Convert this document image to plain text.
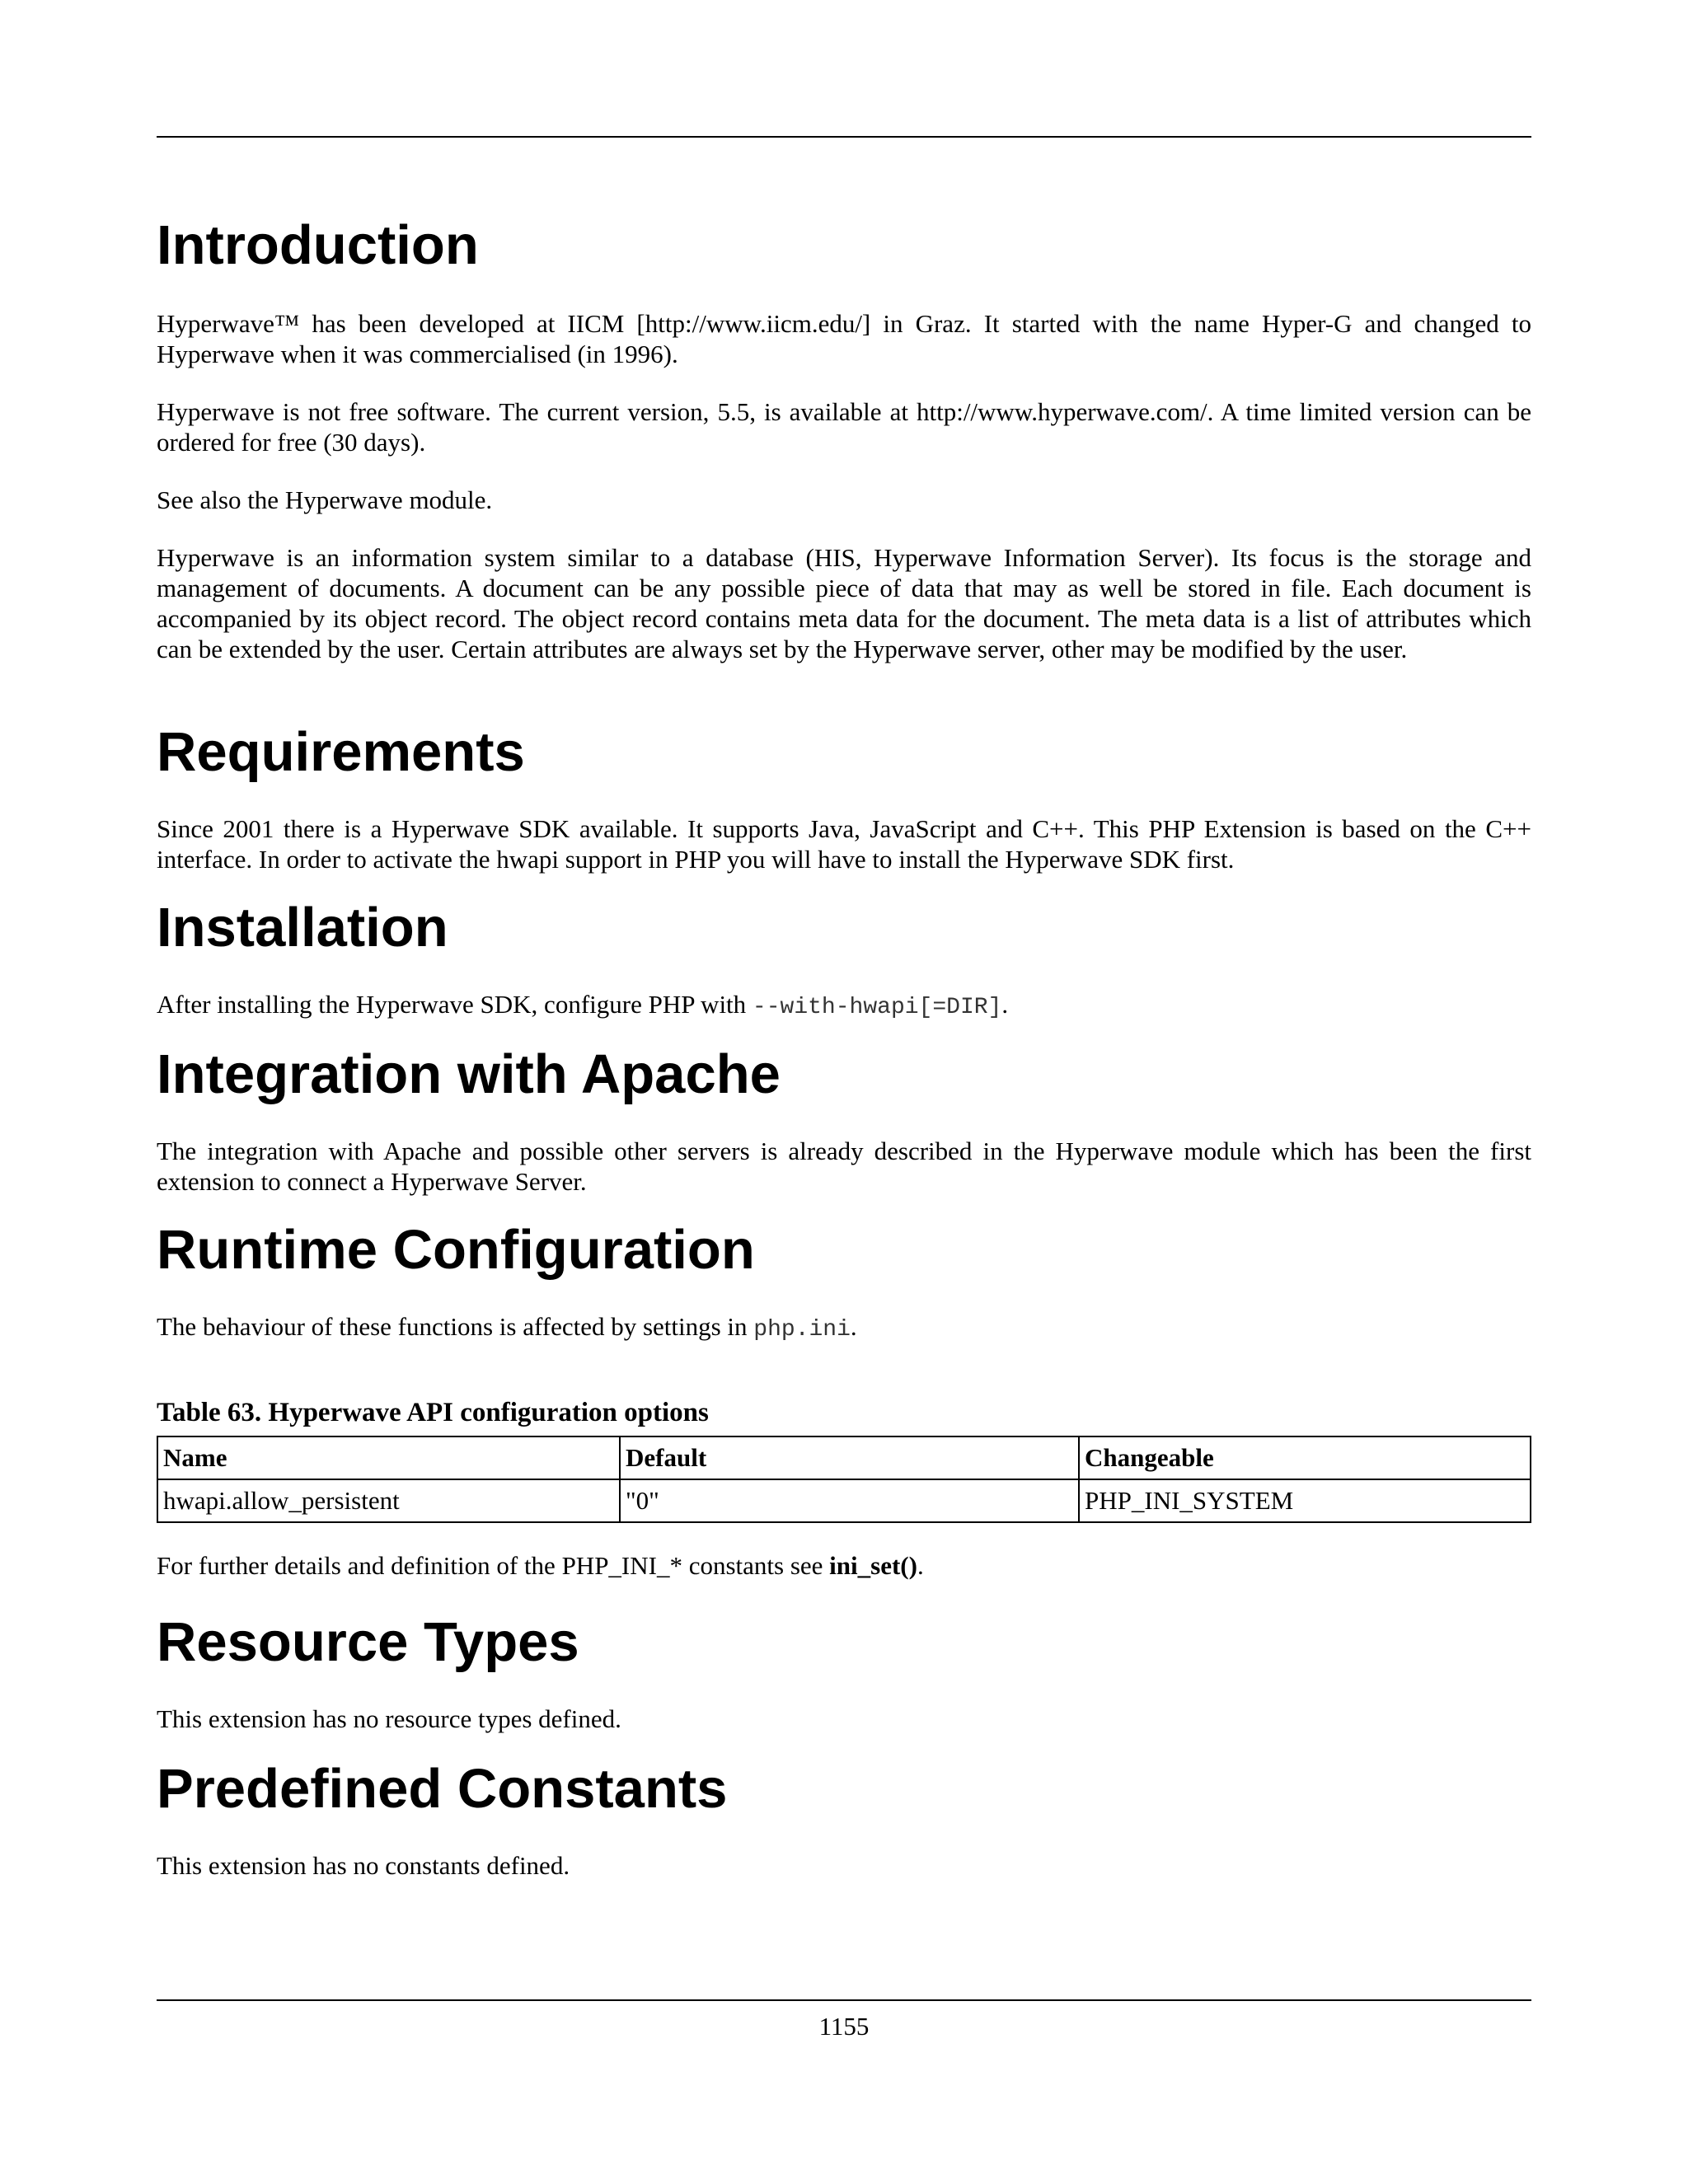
Introduction

Hyperwave™ has been developed at IICM [http://www.iicm.edu/] in Graz. It started with the name Hyper-G and changed to Hyperwave when it was commercialised (in 1996).

Hyperwave is not free software. The current version, 5.5, is available at http://www.hyperwave.com/. A time limited version can be ordered for free (30 days).

See also the Hyperwave module.

Hyperwave is an information system similar to a database (HIS, Hyperwave Information Server). Its focus is the storage and management of documents. A document can be any possible piece of data that may as well be stored in file. Each document is accompanied by its object record. The object record contains meta data for the document. The meta data is a list of attributes which can be extended by the user. Certain attributes are always set by the Hyperwave server, other may be modified by the user.

Requirements

Since 2001 there is a Hyperwave SDK available. It supports Java, JavaScript and C++. This PHP Extension is based on the C++ interface. In order to activate the hwapi support in PHP you will have to install the Hyperwave SDK first.

Installation

After installing the Hyperwave SDK, configure PHP with --with-hwapi[=DIR].

Integration with Apache

The integration with Apache and possible other servers is already described in the Hyperwave module which has been the first extension to connect a Hyperwave Server.

Runtime Configuration

The behaviour of these functions is affected by settings in php.ini.

Table 63. Hyperwave API configuration options

Name	Default	Changeable
hwapi.allow_persistent	"0"	PHP_INI_SYSTEM

For further details and definition of the PHP_INI_* constants see ini_set().

Resource Types

This extension has no resource types defined.

Predefined Constants

This extension has no constants defined.

1155
